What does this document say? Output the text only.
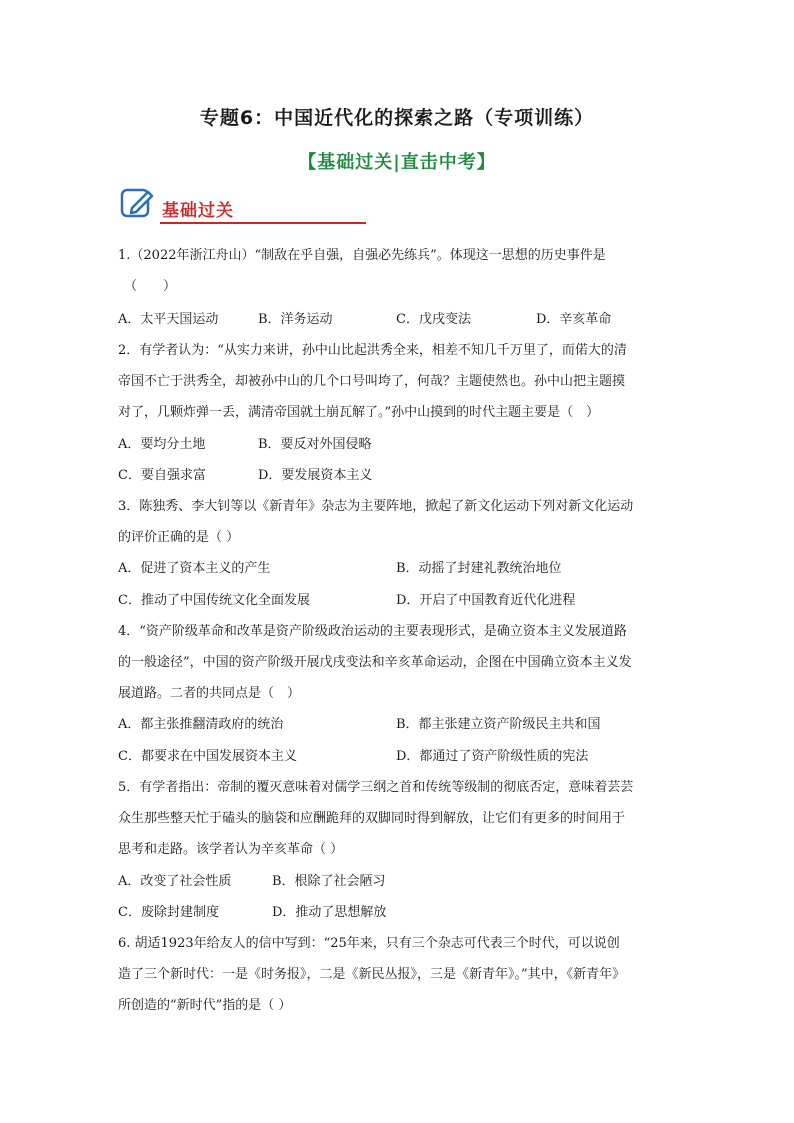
专题6：中国近代化的探索之路（专项训练）
【基础过关|直击中考】
基础过关
1.（2022年浙江舟山）“制敌在乎自强，自强必先练兵”。体现这一思想的历史事件是
（　　）
A．太平天国运动	B．洋务运动	C．戊戌变法	D．辛亥革命
2．有学者认为：“从实力来讲，孙中山比起洪秀全来，相差不知几千万里了，而偌大的清
帝国不亡于洪秀全，却被孙中山的几个口号叫垮了，何哉？主题使然也。孙中山把主题摸
对了，几颗炸弹一丢，满清帝国就土崩瓦解了。”孙中山摸到的时代主题主要是（　）
A．要均分土地	B．要反对外国侵略
C．要自强求富	D．要发展资本主义
3．陈独秀、李大钊等以《新青年》杂志为主要阵地，掀起了新文化运动下列对新文化运动
的评价正确的是（ ）
A．促进了资本主义的产生	B．动摇了封建礼教统治地位
C．推动了中国传统文化全面发展	D．开启了中国教育近代化进程
4．“资产阶级革命和改革是资产阶级政治运动的主要表现形式，是确立资本主义发展道路
的一般途径”，中国的资产阶级开展戊戌变法和辛亥革命运动，企图在中国确立资本主义发
展道路。二者的共同点是（　）
A．都主张推翻清政府的统治	B．都主张建立资产阶级民主共和国
C．都要求在中国发展资本主义	D．都通过了资产阶级性质的宪法
5．有学者指出：帝制的覆灭意味着对儒学三纲之首和传统等级制的彻底否定，意味着芸芸
众生那些整天忙于磕头的脑袋和应酬跪拜的双脚同时得到解放，让它们有更多的时间用于
思考和走路。该学者认为辛亥革命（ ）
A．改变了社会性质	B．根除了社会陋习
C．废除封建制度	D．推动了思想解放
6. 胡适1923年给友人的信中写到：“25年来，只有三个杂志可代表三个时代，可以说创
造了三个新时代：一是《时务报》，二是《新民丛报》，三是《新青年》。”其中，《新青年》
所创造的“新时代”指的是（ ）
